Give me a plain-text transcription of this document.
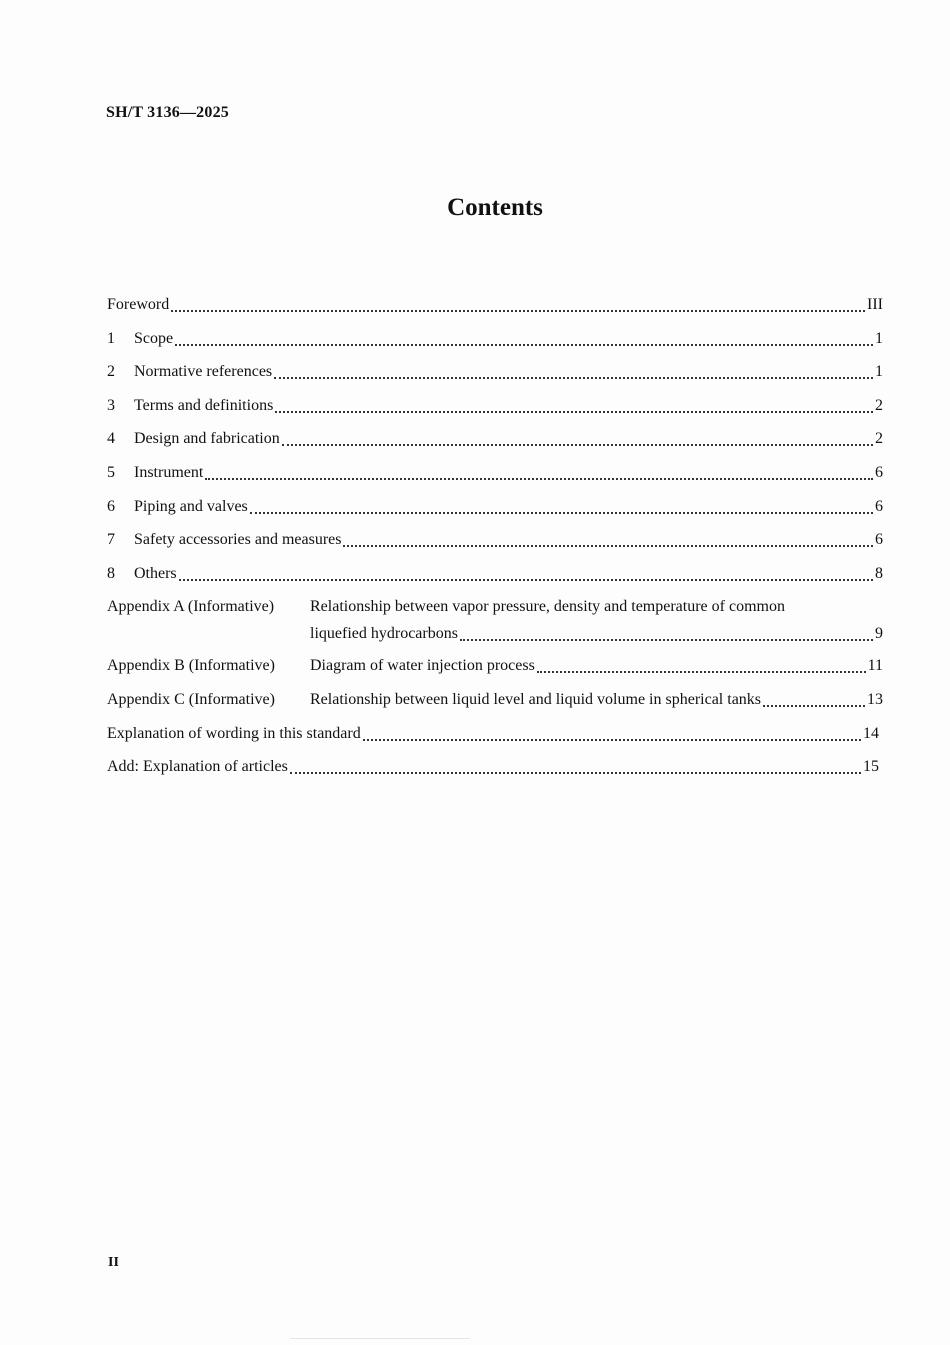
SH/T 3136—2025
Contents
Foreword	III
1	Scope	1
2	Normative references	1
3	Terms and definitions	2
4	Design and fabrication	2
5	Instrument	6
6	Piping and valves	6
7	Safety accessories and measures	6
8	Others	8
Appendix A (Informative)	Relationship between vapor pressure, density and temperature of common
liquefied hydrocarbons	9
Appendix B (Informative)	Diagram of water injection process	11
Appendix C (Informative)	Relationship between liquid level and liquid volume in spherical tanks	13
Explanation of wording in this standard	14
Add: Explanation of articles	15
II
